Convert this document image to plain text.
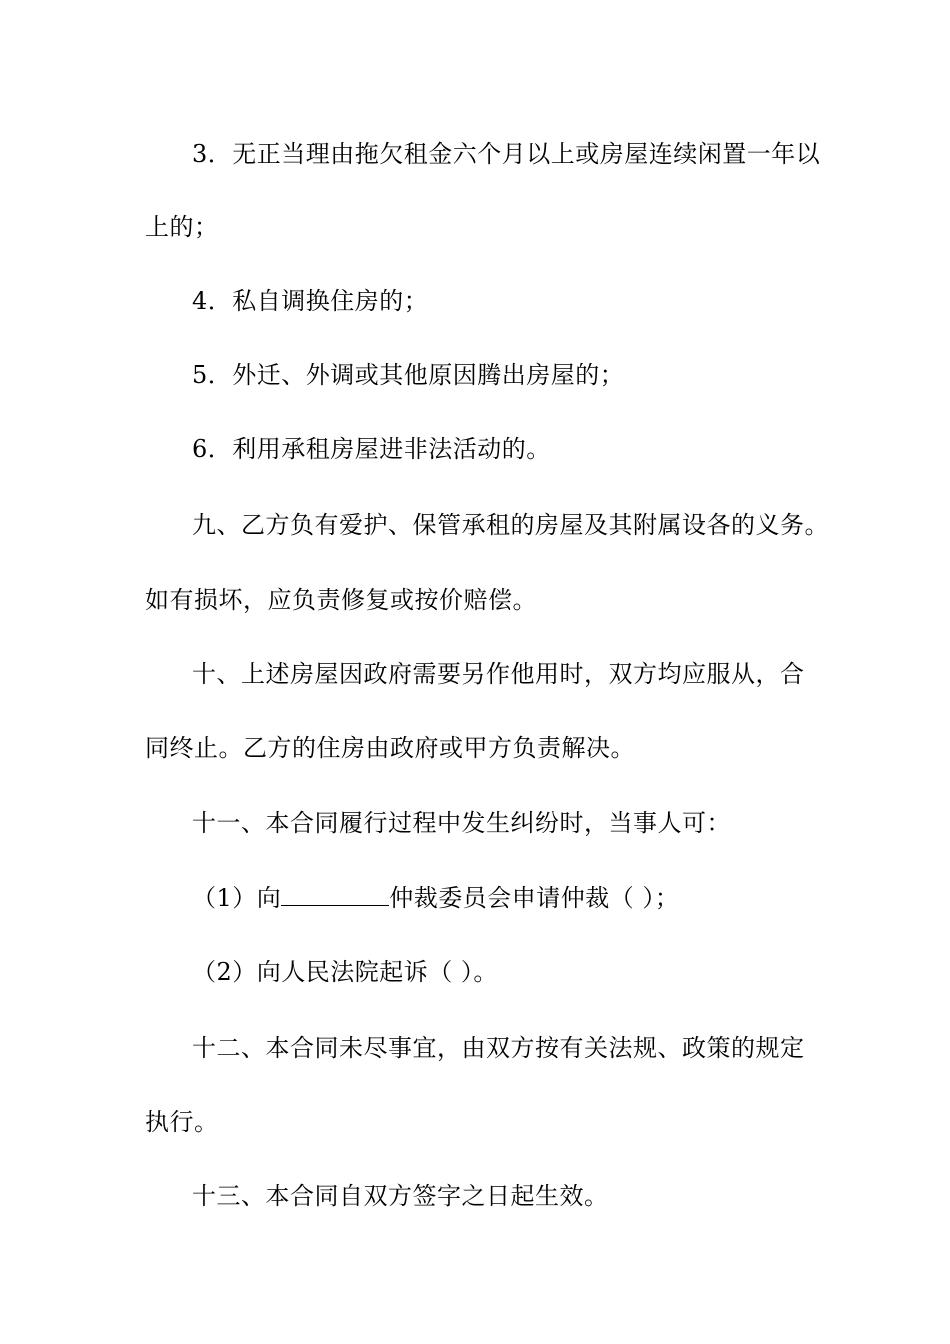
3．无正当理由拖欠租金六个月以上或房屋连续闲置一年以
上的；
4．私自调换住房的；
5．外迁、外调或其他原因腾出房屋的；
6．利用承租房屋进非法活动的。
九、乙方负有爱护、保管承租的房屋及其附属设各的义务。
如有损坏，应负责修复或按价赔偿。
十、上述房屋因政府需要另作他用时，双方均应服从，合
同终止。乙方的住房由政府或甲方负责解决。
十一、本合同履行过程中发生纠纷时，当事人可：
（1）向	仲裁委员会申请仲裁（ ）；
（2）向人民法院起诉（ ）。
十二、本合同未尽事宜，由双方按有关法规、政策的规定
执行。
十三、本合同自双方签字之日起生效。
